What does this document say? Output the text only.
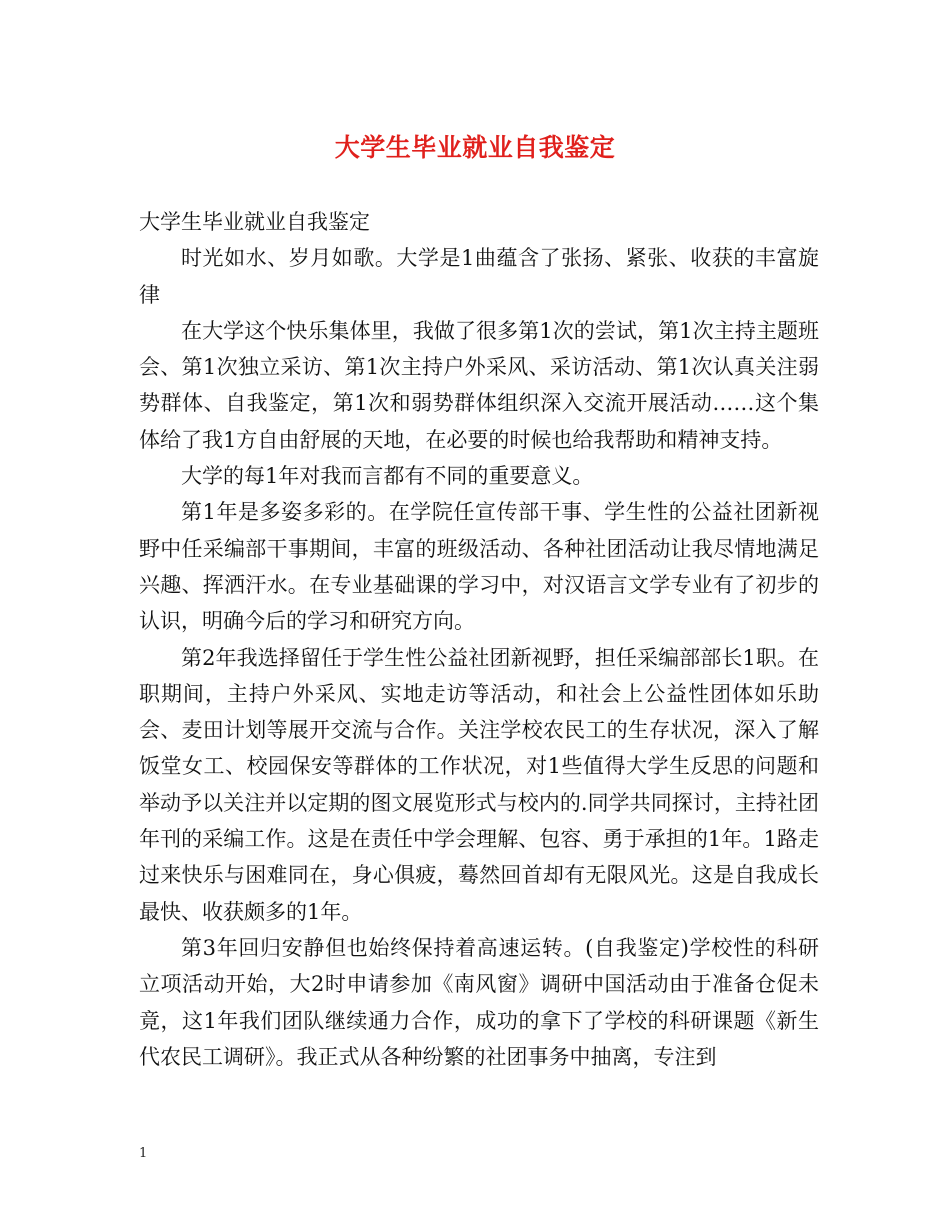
大学生毕业就业自我鉴定

大学生毕业就业自我鉴定

时光如水、岁月如歌。大学是1曲蕴含了张扬、紧张、收获的丰富旋律

在大学这个快乐集体里，我做了很多第1次的尝试，第1次主持主题班会、第1次独立采访、第1次主持户外采风、采访活动、第1次认真关注弱势群体、自我鉴定，第1次和弱势群体组织深入交流开展活动……这个集体给了我1方自由舒展的天地，在必要的时候也给我帮助和精神支持。

大学的每1年对我而言都有不同的重要意义。

第1年是多姿多彩的。在学院任宣传部干事、学生性的公益社团新视野中任采编部干事期间，丰富的班级活动、各种社团活动让我尽情地满足兴趣、挥洒汗水。在专业基础课的学习中，对汉语言文学专业有了初步的认识，明确今后的学习和研究方向。

第2年我选择留任于学生性公益社团新视野，担任采编部部长1职。在职期间，主持户外采风、实地走访等活动，和社会上公益性团体如乐助会、麦田计划等展开交流与合作。关注学校农民工的生存状况，深入了解饭堂女工、校园保安等群体的工作状况，对1些值得大学生反思的问题和举动予以关注并以定期的图文展览形式与校内的.同学共同探讨，主持社团年刊的采编工作。这是在责任中学会理解、包容、勇于承担的1年。1路走过来快乐与困难同在，身心俱疲，蓦然回首却有无限风光。这是自我成长最快、收获颇多的1年。

第3年回归安静但也始终保持着高速运转。(自我鉴定)学校性的科研立项活动开始，大2时申请参加《南风窗》调研中国活动由于准备仓促未竟，这1年我们团队继续通力合作，成功的拿下了学校的科研课题《新生代农民工调研》。我正式从各种纷繁的社团事务中抽离，专注到

1
